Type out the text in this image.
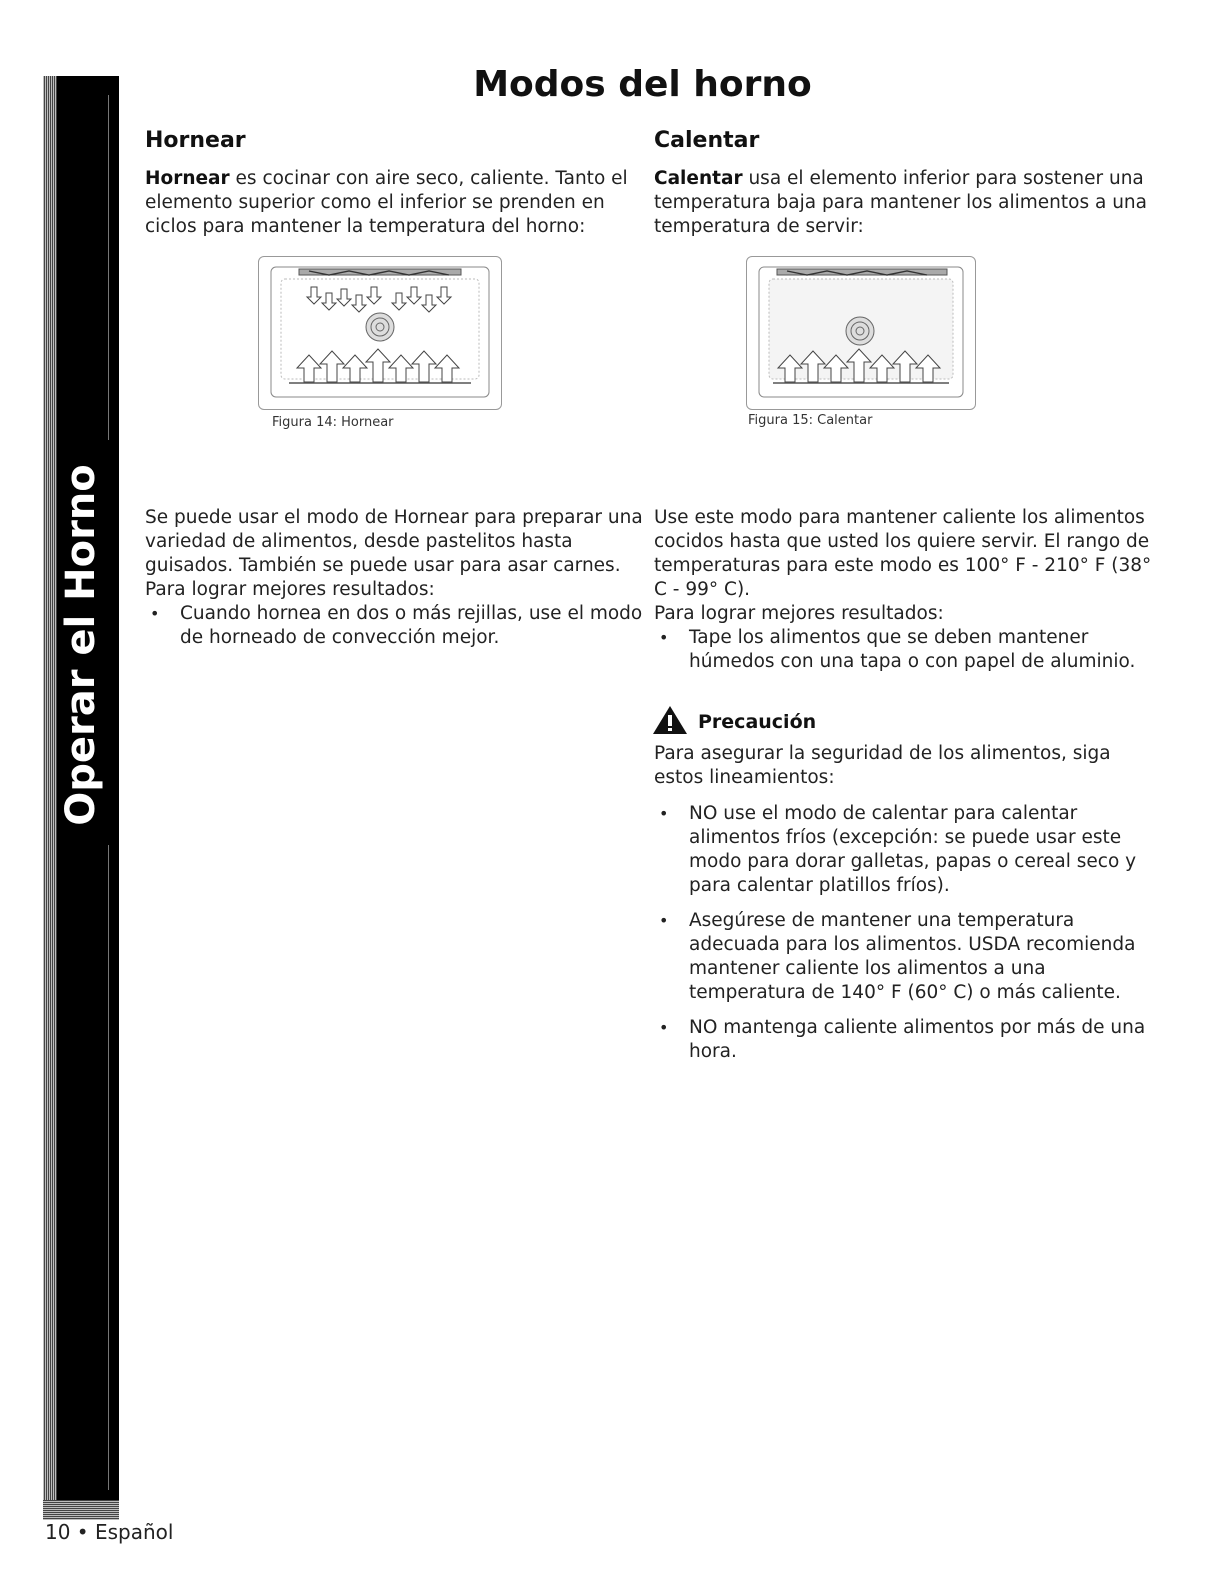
Operar el Horno
Modos del horno
Hornear

Hornear es cocinar con aire seco, caliente. Tanto el elemento superior como el inferior se prenden en ciclos para mantener la temperatura del horno:

Figura 14: Hornear

Se puede usar el modo de Hornear para preparar una variedad de alimentos, desde pastelitos hasta guisados. También se puede usar para asar carnes.

Para lograr mejores resultados:

• Cuando hornea en dos o más rejillas, use el modo de horneado de convección mejor.
Calentar

Calentar usa el elemento inferior para sostener una temperatura baja para mantener los alimentos a una temperatura de servir:

Figura 15: Calentar

Use este modo para mantener caliente los alimentos cocidos hasta que usted los quiere servir. El rango de temperaturas para este modo es 100° F - 210° F (38° C - 99° C).

Para lograr mejores resultados:

• Tape los alimentos que se deben mantener húmedos con una tapa o con papel de aluminio.
Precaución

Para asegurar la seguridad de los alimentos, siga estos lineamientos:

• NO use el modo de calentar para calentar alimentos fríos (excepción: se puede usar este modo para dorar galletas, papas o cereal seco y para calentar platillos fríos).
• Asegúrese de mantener una temperatura adecuada para los alimentos. USDA recomienda mantener caliente los alimentos a una temperatura de 140° F (60° C) o más caliente.
• NO mantenga caliente alimentos por más de una hora.
10 • Español
